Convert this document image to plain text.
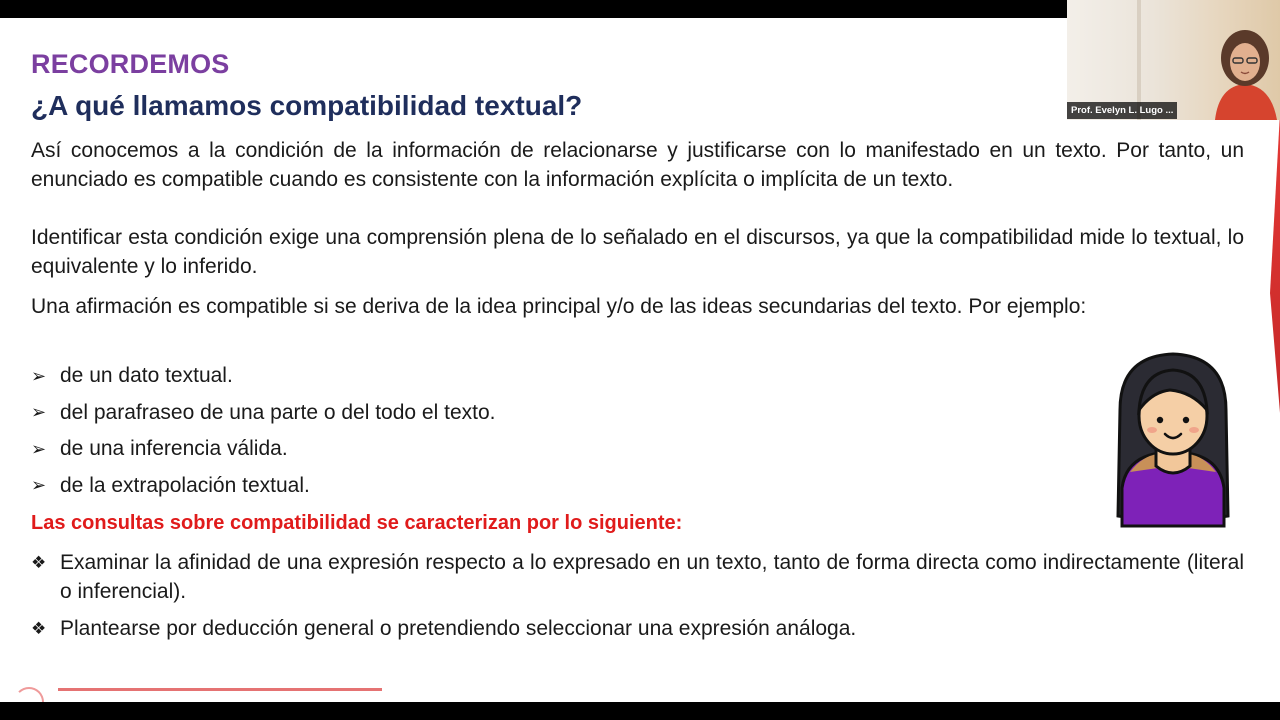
RECORDEMOS
¿A qué llamamos compatibilidad textual?

Así conocemos a la condición de la información de relacionarse y justificarse con lo manifestado en un texto. Por tanto, un enunciado es compatible cuando es consistente con la información explícita o implícita de un texto.

Identificar esta condición exige una comprensión plena de lo señalado en el discursos, ya que la compatibilidad mide lo textual, lo equivalente y lo inferido.

Una afirmación es compatible si se deriva de la idea principal y/o de las ideas secundarias del texto. Por ejemplo:

➢ de un dato textual.
➢ del parafraseo de una parte o del todo el texto.
➢ de una inferencia válida.
➢ de la extrapolación textual.
Las consultas sobre compatibilidad se caracterizan por lo siguiente:
❖ Examinar la afinidad de una expresión respecto a lo expresado en un texto, tanto de forma directa como indirectamente (literal o inferencial).
❖ Plantearse por deducción general o pretendiendo seleccionar una expresión análoga.
Prof. Evelyn L. Lugo ...
